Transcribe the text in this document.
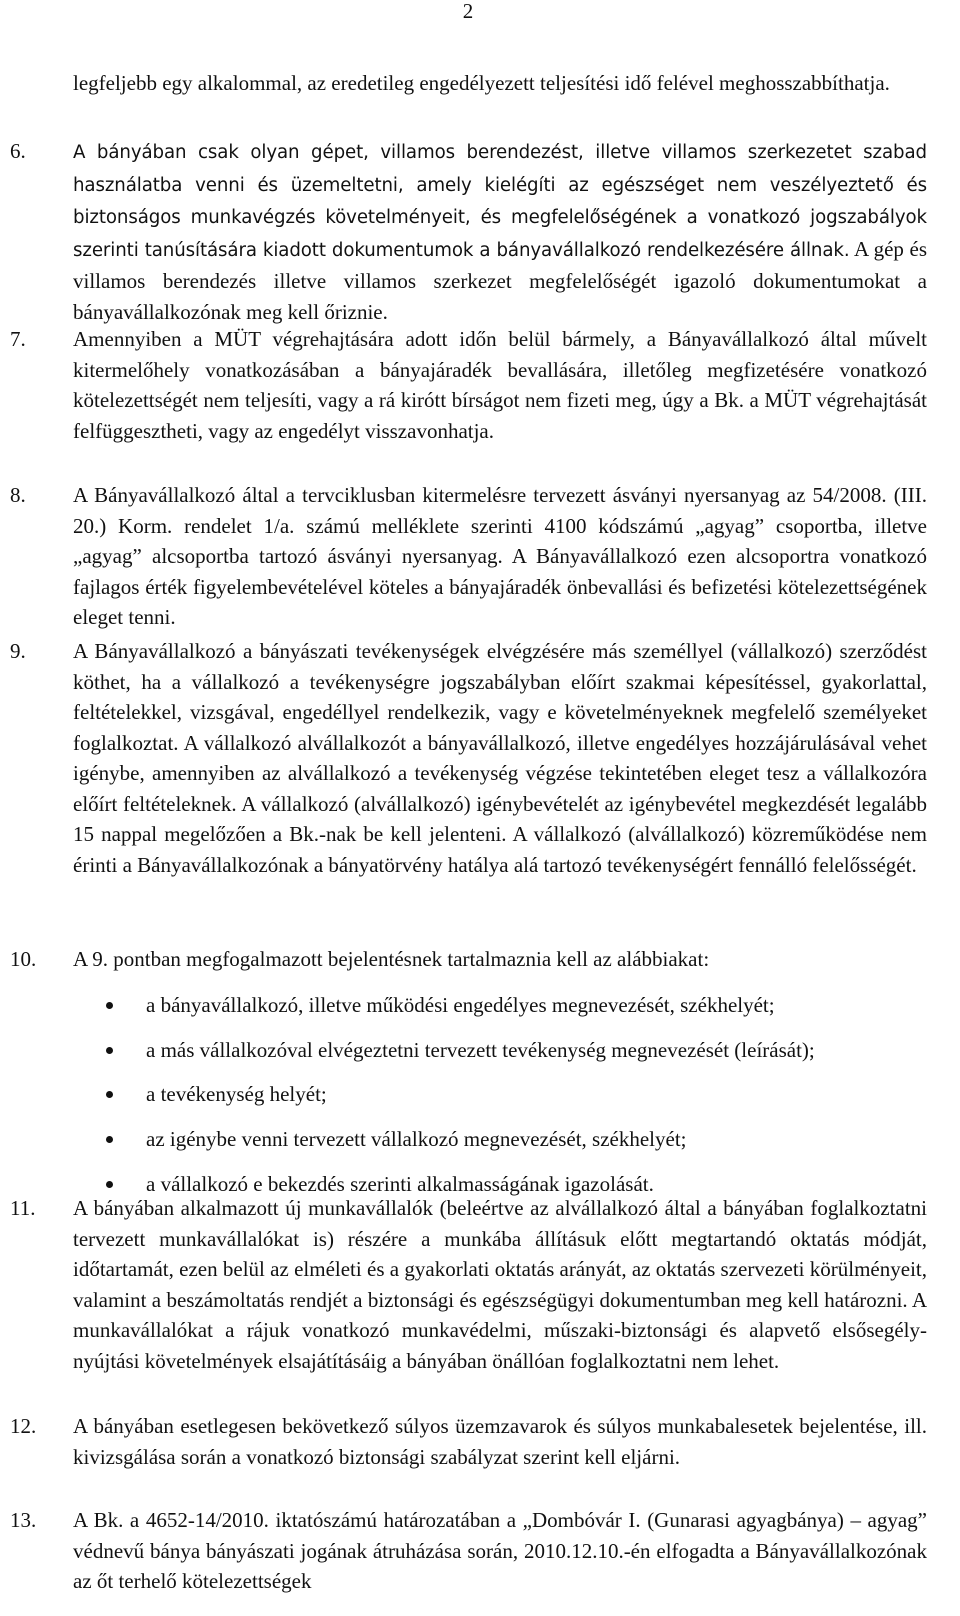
2

legfeljebb egy alkalommal, az eredetileg engedélyezett teljesítési idő felével meghosszabbíthatja.

6.	A bányában csak olyan gépet, villamos berendezést, illetve villamos szerkezetet szabad használatba venni és üzemeltetni, amely kielégíti az egészséget nem veszélyeztető és biztonságos munkavégzés követelményeit, és megfelelőségének a vonatkozó jogszabályok szerinti tanúsítására kiadott dokumentumok a bányavállalkozó rendelkezésére állnak. A gép és villamos berendezés illetve villamos szerkezet megfelelőségét igazoló dokumentumokat a bányavállalkozónak meg kell őriznie.

7. Amennyiben a MÜT végrehajtására adott időn belül bármely, a Bányavállalkozó által művelt kitermelőhely vonatkozásában a bányajáradék bevallására, illetőleg megfizetésére vonatkozó kötelezettségét nem teljesíti, vagy a rá kirótt bírságot nem fizeti meg, úgy a Bk. a MÜT végrehajtását felfüggesztheti, vagy az engedélyt visszavonhatja.

8. A Bányavállalkozó által a tervciklusban kitermelésre tervezett ásványi nyersanyag az 54/2008. (III. 20.) Korm. rendelet 1/a. számú melléklete szerinti 4100 kódszámú „agyag” csoportba, illetve „agyag” alcsoportba tartozó ásványi nyersanyag. A Bányavállalkozó ezen alcsoportra vonatkozó fajlagos érték figyelembevételével köteles a bányajáradék önbevallási és befizetési kötelezettségének eleget tenni.

9. A Bányavállalkozó a bányászati tevékenységek elvégzésére más személlyel (vállalkozó) szerződést köthet, ha a vállalkozó a tevékenységre jogszabályban előírt szakmai képesítéssel, gyakorlattal, feltételekkel, vizsgával, engedéllyel rendelkezik, vagy e követelményeknek megfelelő személyeket foglalkoztat. A vállalkozó alvállalkozót a bányavállalkozó, illetve engedélyes hozzájárulásával vehet igénybe, amennyiben az alvállalkozó a tevékenység végzése tekintetében eleget tesz a vállalkozóra előírt feltételeknek. A vállalkozó (alvállalkozó) igénybevételét az igénybevétel megkezdését legalább 15 nappal megelőzően a Bk.-nak be kell jelenteni. A vállalkozó (alvállalkozó) közreműködése nem érinti a Bányavállalkozónak a bányatörvény hatálya alá tartozó tevékenységért fennálló felelősségét.

10. A 9. pontban megfogalmazott bejelentésnek tartalmaznia kell az alábbiakat:

a bányavállalkozó, illetve működési engedélyes megnevezését, székhelyét;
a más vállalkozóval elvégeztetni tervezett tevékenység megnevezését (leírását);
a tevékenység helyét;
az igénybe venni tervezett vállalkozó megnevezését, székhelyét;
a vállalkozó e bekezdés szerinti alkalmasságának igazolását.
11. A bányában alkalmazott új munkavállalók (beleértve az alvállalkozó által a bányában foglalkoztatni tervezett munkavállalókat is) részére a munkába állításuk előtt megtartandó oktatás módját, időtartamát, ezen belül az elméleti és a gyakorlati oktatás arányát, az oktatás szervezeti körülményeit, valamint a beszámoltatás rendjét a biztonsági és egészségügyi dokumentumban meg kell határozni. A munkavállalókat a rájuk vonatkozó munkavédelmi, műszaki-biztonsági és alapvető elsősegély-nyújtási követelmények elsajátításáig a bányában önállóan foglalkoztatni nem lehet.

12. A bányában esetlegesen bekövetkező súlyos üzemzavarok és súlyos munkabalesetek bejelentése, ill. kivizsgálása során a vonatkozó biztonsági szabályzat szerint kell eljárni.

13. A Bk. a 4652-14/2010. iktatószámú határozatában a „Dombóvár I. (Gunarasi agyagbánya) – agyag” védnevű bánya bányászati jogának átruházása során, 2010.12.10.-én elfogadta a Bányavállalkozónak az őt terhelő kötelezettségek
